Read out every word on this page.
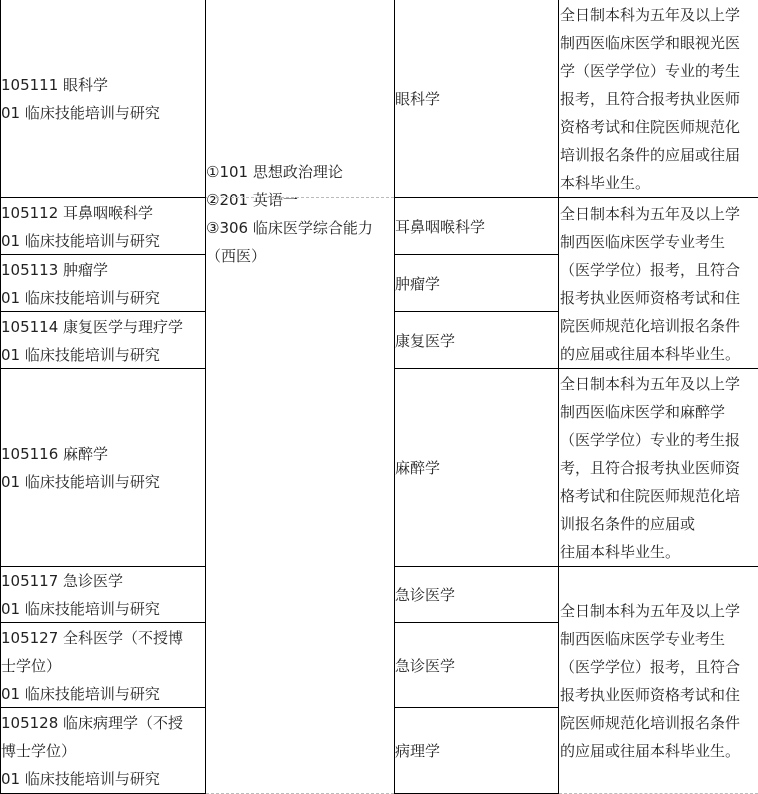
105111 眼科学
01 临床技能培训与研究
105112 耳鼻咽喉科学
01 临床技能培训与研究
105113 肿瘤学
01 临床技能培训与研究
105114 康复医学与理疗学
01 临床技能培训与研究
105116 麻醉学
01 临床技能培训与研究
105117 急诊医学
01 临床技能培训与研究
105127 全科医学（不授博
士学位）
01 临床技能培训与研究
105128 临床病理学（不授
博士学位）
01 临床技能培训与研究
①101 思想政治理论
②201 英语一
③306 临床医学综合能力
（西医）
眼科学
耳鼻咽喉科学
肿瘤学
康复医学
麻醉学
急诊医学
急诊医学
病理学
全日制本科为五年及以上学
制西医临床医学和眼视光医
学（医学学位）专业的考生
报考，且符合报考执业医师
资格考试和住院医师规范化
培训报名条件的应届或往届
本科毕业生。
全日制本科为五年及以上学
制西医临床医学专业考生
（医学学位）报考，且符合
报考执业医师资格考试和住
院医师规范化培训报名条件
的应届或往届本科毕业生。
全日制本科为五年及以上学
制西医临床医学和麻醉学
（医学学位）专业的考生报
考，且符合报考执业医师资
格考试和住院医师规范化培
训报名条件的应届或
往届本科毕业生。
全日制本科为五年及以上学
制西医临床医学专业考生
（医学学位）报考，且符合
报考执业医师资格考试和住
院医师规范化培训报名条件
的应届或往届本科毕业生。
